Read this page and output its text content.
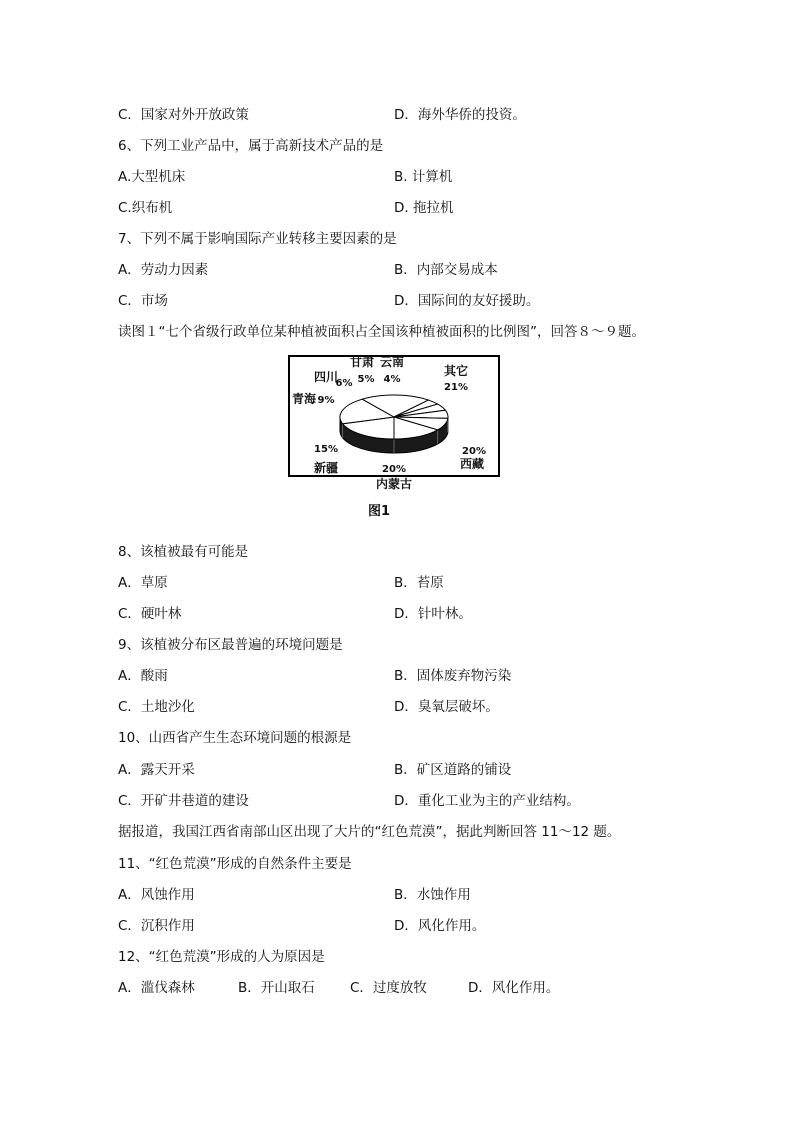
C．国家对外开放政策	D．海外华侨的投资。
6、下列工业产品中，属于高新技术产品的是
A.大型机床	B. 计算机
C.织布机	D. 拖拉机
7、下列不属于影响国际产业转移主要因素的是
A．劳动力因素	B．内部交易成本
C．市场	D．国际间的友好援助。
读图１“七个省级行政单位某种植被面积占全国该种植被面积的比例图”，回答８～９题。
内蒙古
20%	西藏
20%
其它
21%
云南
4%
甘肃
5%
四川
6%
青海 9%
新疆
15%
图1
8、该植被最有可能是
A．草原	B．苔原
C．硬叶林	D．针叶林。
9、该植被分布区最普遍的环境问题是
A．酸雨	B．固体废弃物污染
C．土地沙化	D．臭氧层破坏。
10、山西省产生生态环境问题的根源是
A．露天开采	B．矿区道路的铺设
C．开矿井巷道的建设	D．重化工业为主的产业结构。
据报道，我国江西省南部山区出现了大片的“红色荒漠”，据此判断回答 11～12 题。
11、“红色荒漠”形成的自然条件主要是
A．风蚀作用	B．水蚀作用
C．沉积作用	D．风化作用。
12、“红色荒漠”形成的人为原因是
A．滥伐森林	B．开山取石	C．过度放牧	D．风化作用。
